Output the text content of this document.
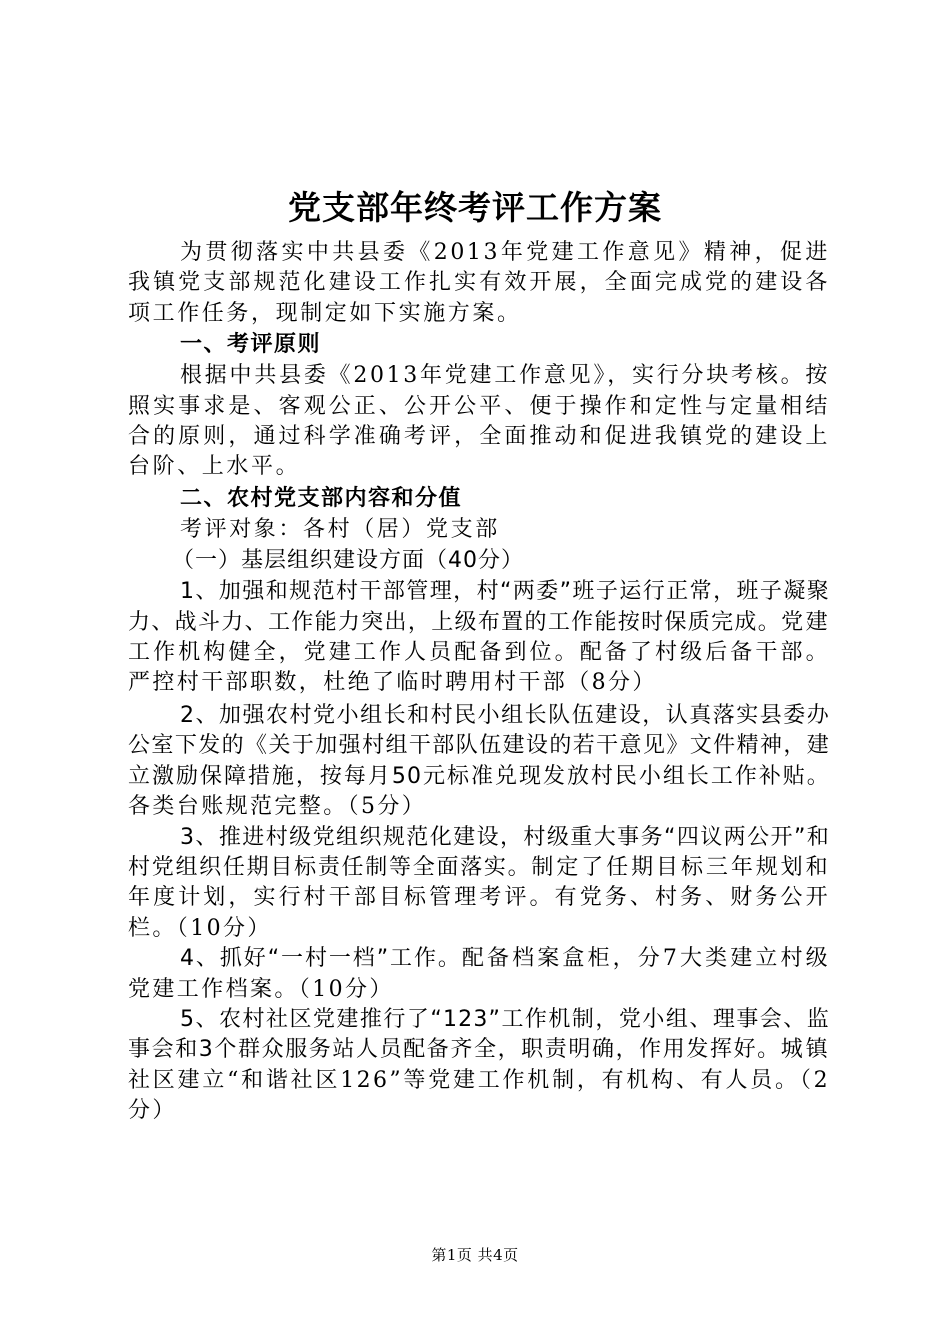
党支部年终考评工作方案

为贯彻落实中共县委《2013年党建工作意见》精神，促进我镇党支部规范化建设工作扎实有效开展，全面完成党的建设各项工作任务，现制定如下实施方案。

一、考评原则

根据中共县委《2013年党建工作意见》，实行分块考核。按照实事求是、客观公正、公开公平、便于操作和定性与定量相结合的原则，通过科学准确考评，全面推动和促进我镇党的建设上台阶、上水平。

二、农村党支部内容和分值

考评对象：各村（居）党支部

（一）基层组织建设方面（40分）

1、加强和规范村干部管理，村“两委”班子运行正常，班子凝聚力、战斗力、工作能力突出，上级布置的工作能按时保质完成。党建工作机构健全，党建工作人员配备到位。配备了村级后备干部。严控村干部职数，杜绝了临时聘用村干部（8分）

2、加强农村党小组长和村民小组长队伍建设，认真落实县委办公室下发的《关于加强村组干部队伍建设的若干意见》文件精神，建立激励保障措施，按每月50元标准兑现发放村民小组长工作补贴。各类台账规范完整。（5分）

3、推进村级党组织规范化建设，村级重大事务“四议两公开”和村党组织任期目标责任制等全面落实。制定了任期目标三年规划和年度计划，实行村干部目标管理考评。有党务、村务、财务公开栏。（10分）

4、抓好“一村一档”工作。配备档案盒柜，分7大类建立村级党建工作档案。（10分）

5、农村社区党建推行了“123”工作机制，党小组、理事会、监事会和3个群众服务站人员配备齐全，职责明确，作用发挥好。城镇社区建立“和谐社区126”等党建工作机制，有机构、有人员。（2分）

第1页 共4页
